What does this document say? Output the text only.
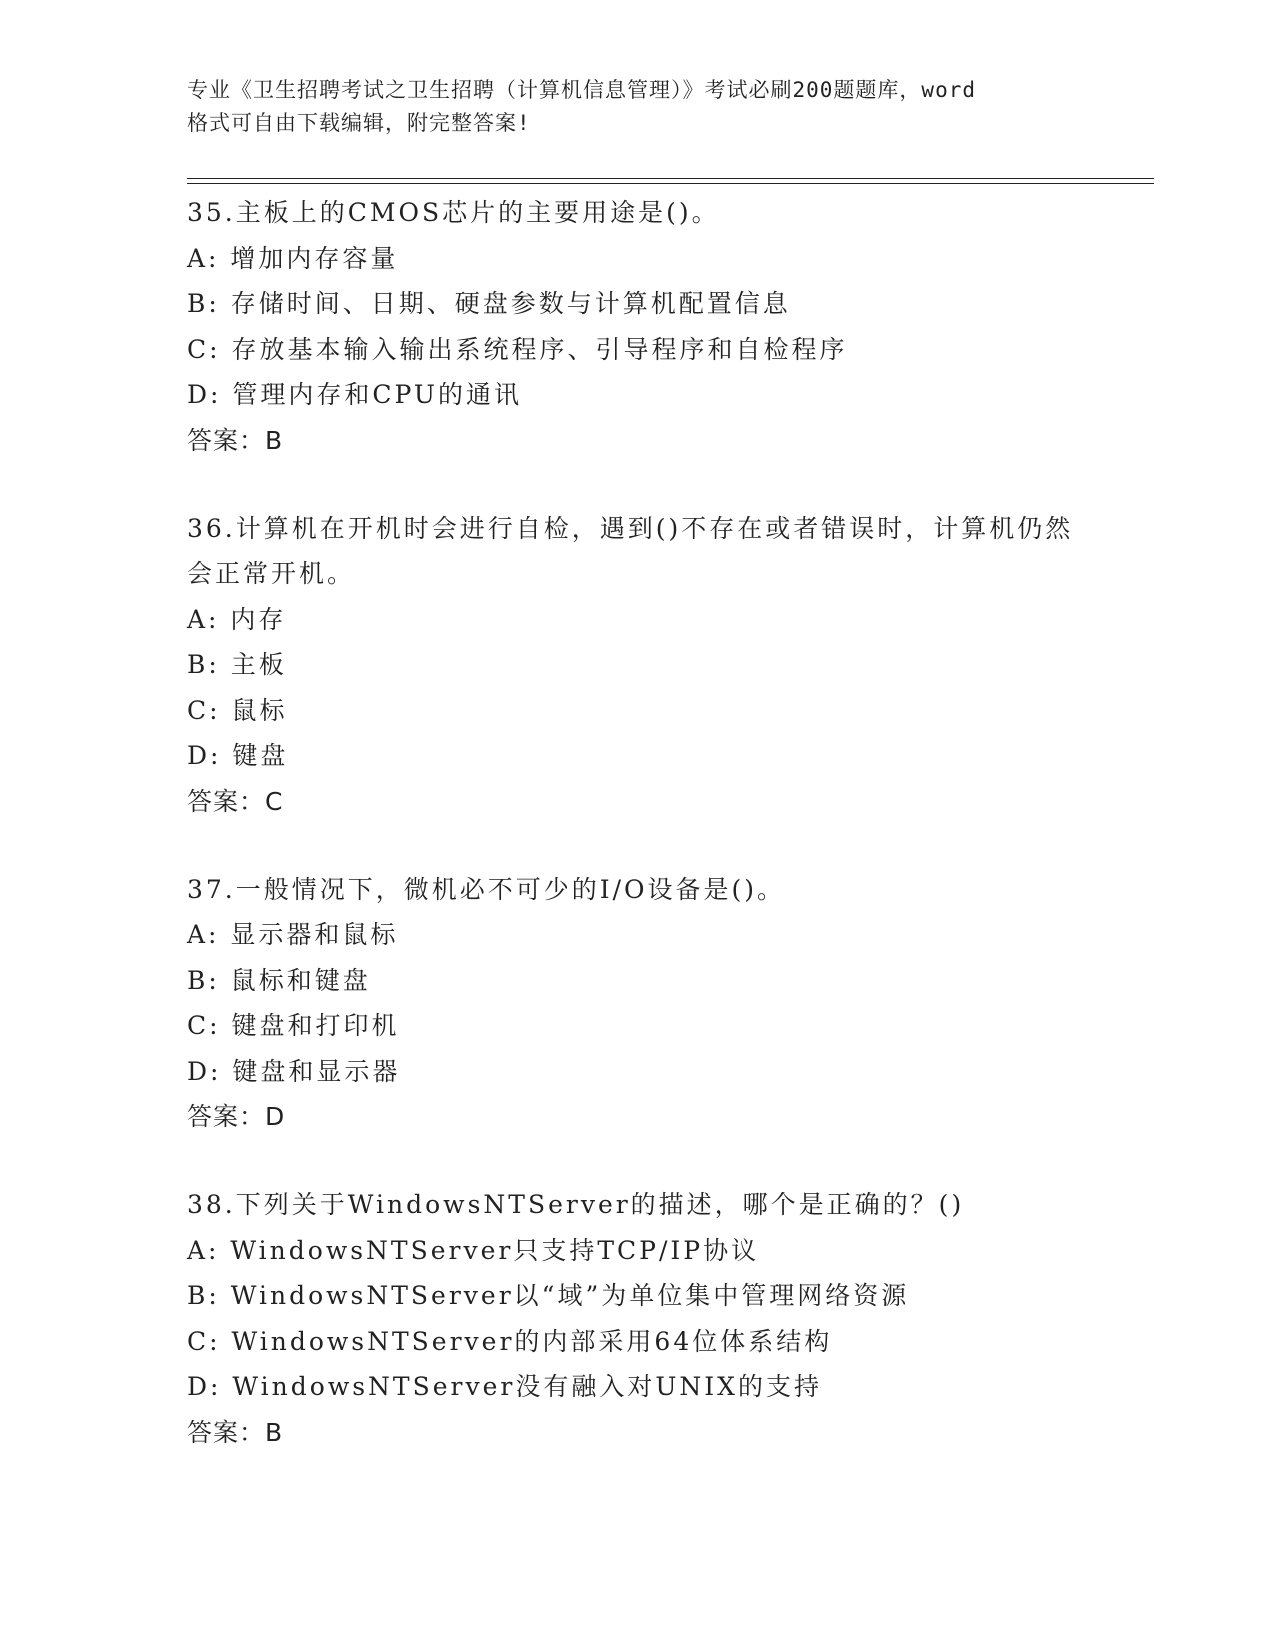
专业《卫生招聘考试之卫生招聘（计算机信息管理）》考试必刷200题题库，word
格式可自由下载编辑，附完整答案!
35.主板上的CMOS芯片的主要用途是()。
A: 增加内存容量
B: 存储时间、日期、硬盘参数与计算机配置信息
C: 存放基本输入输出系统程序、引导程序和自检程序
D: 管理内存和CPU的通讯
答案：B
36.计算机在开机时会进行自检，遇到()不存在或者错误时，计算机仍然会正常开机。
A: 内存
B: 主板
C: 鼠标
D: 键盘
答案：C
37.一般情况下，微机必不可少的I/O设备是()。
A: 显示器和鼠标
B: 鼠标和键盘
C: 键盘和打印机
D: 键盘和显示器
答案：D
38.下列关于WindowsNTServer的描述，哪个是正确的？()
A: WindowsNTServer只支持TCP/IP协议
B: WindowsNTServer以“域”为单位集中管理网络资源
C: WindowsNTServer的内部采用64位体系结构
D: WindowsNTServer没有融入对UNIX的支持
答案：B
